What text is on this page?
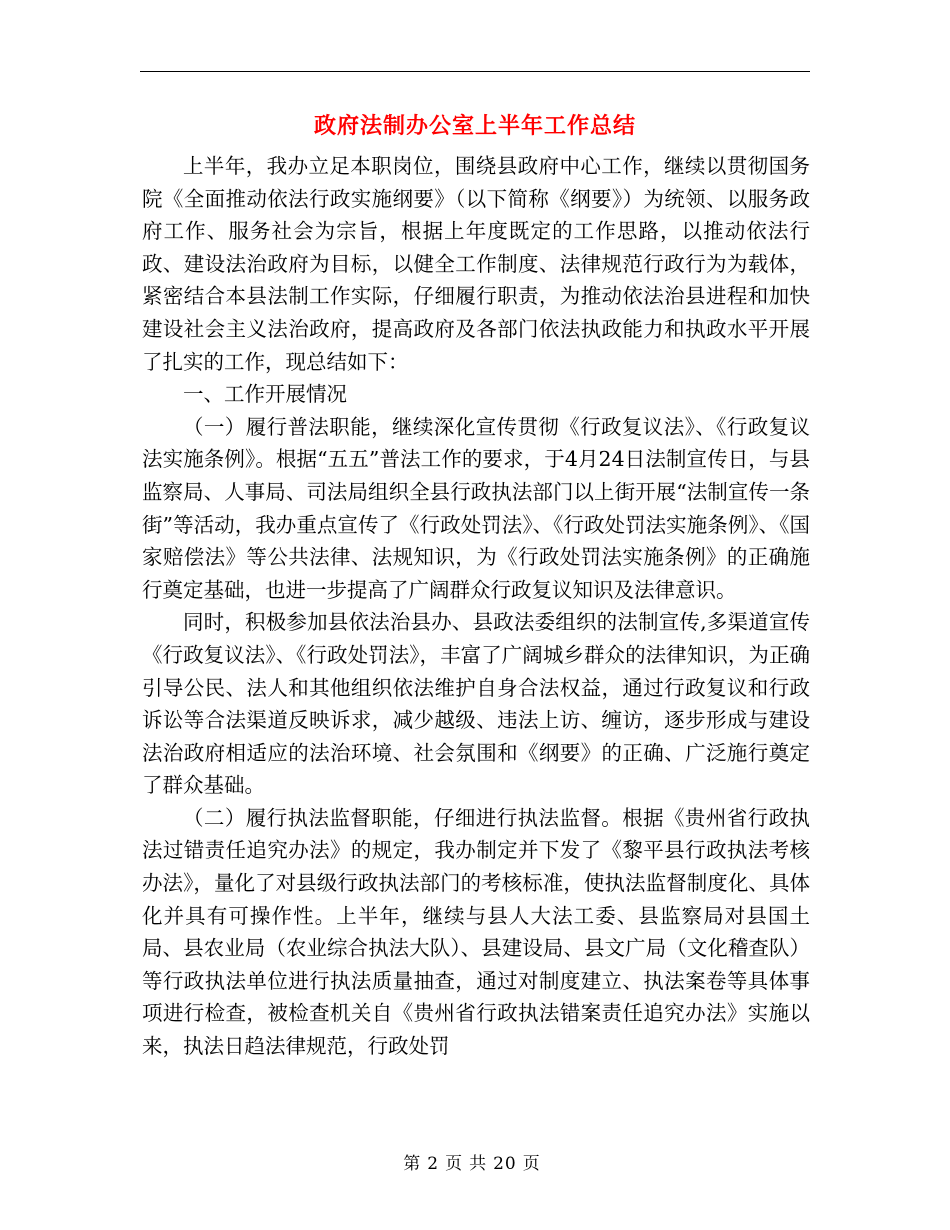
政府法制办公室上半年工作总结

上半年，我办立足本职岗位，围绕县政府中心工作，继续以贯彻国务院《全面推动依法行政实施纲要》（以下简称《纲要》）为统领、以服务政府工作、服务社会为宗旨，根据上年度既定的工作思路，以推动依法行政、建设法治政府为目标，以健全工作制度、法律规范行政行为为载体，紧密结合本县法制工作实际，仔细履行职责，为推动依法治县进程和加快建设社会主义法治政府，提高政府及各部门依法执政能力和执政水平开展了扎实的工作，现总结如下：

一、工作开展情况

（一）履行普法职能，继续深化宣传贯彻《行政复议法》、《行政复议法实施条例》。根据“五五”普法工作的要求，于4月24日法制宣传日，与县监察局、人事局、司法局组织全县行政执法部门以上街开展“法制宣传一条街”等活动，我办重点宣传了《行政处罚法》、《行政处罚法实施条例》、《国家赔偿法》等公共法律、法规知识，为《行政处罚法实施条例》的正确施行奠定基础，也进一步提高了广阔群众行政复议知识及法律意识。

同时，积极参加县依法治县办、县政法委组织的法制宣传,多渠道宣传《行政复议法》、《行政处罚法》，丰富了广阔城乡群众的法律知识，为正确引导公民、法人和其他组织依法维护自身合法权益，通过行政复议和行政诉讼等合法渠道反映诉求，减少越级、违法上访、缠访，逐步形成与建设法治政府相适应的法治环境、社会氛围和《纲要》的正确、广泛施行奠定了群众基础。

（二）履行执法监督职能，仔细进行执法监督。根据《贵州省行政执法过错责任追究办法》的规定，我办制定并下发了《黎平县行政执法考核办法》，量化了对县级行政执法部门的考核标准，使执法监督制度化、具体化并具有可操作性。上半年，继续与县人大法工委、县监察局对县国土局、县农业局（农业综合执法大队）、县建设局、县文广局（文化稽查队）等行政执法单位进行执法质量抽查，通过对制度建立、执法案卷等具体事项进行检查，被检查机关自《贵州省行政执法错案责任追究办法》实施以来，执法日趋法律规范，行政处罚

第 2 页 共 20 页
